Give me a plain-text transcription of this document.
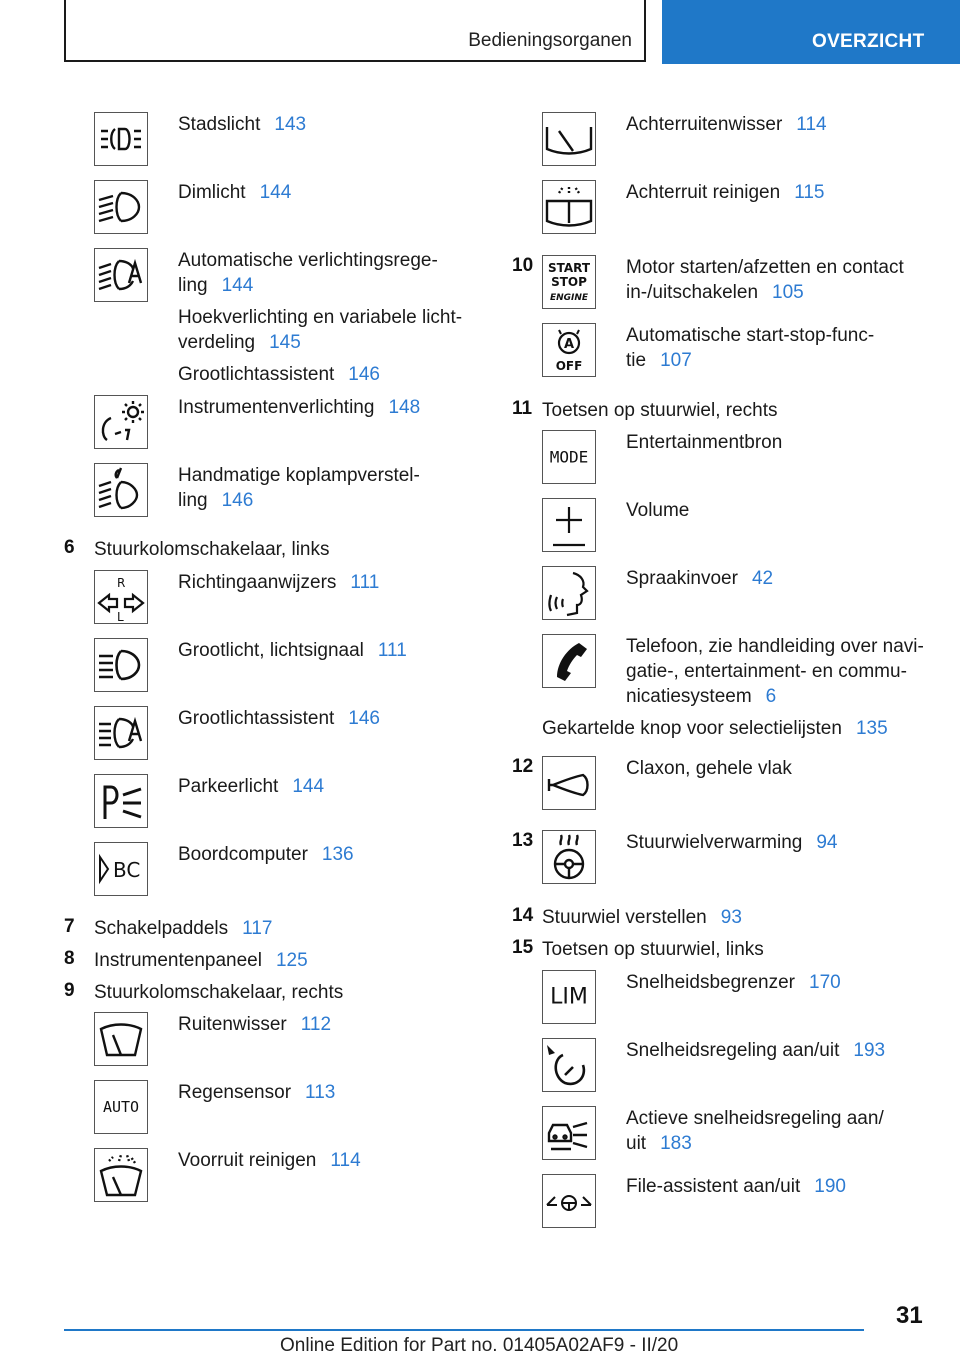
Bedieningsorganen	OVERZICHT
Stadslicht 143
Dimlicht 144
Automatische verlichtingsrege-
ling 144
Hoekverlichting en variabele licht-
verdeling 145
Grootlichtassistent 146
Instrumentenverlichting 148
Handmatige koplampverstel-
ling 146
6 Stuurkolomschakelaar, links
R
L
Richtingaanwijzers 111
Grootlicht, lichtsignaal 111
Grootlichtassistent 146
Parkeerlicht 144
BC
Boordcomputer 136
7 Schakelpaddels 117
8 Instrumentenpaneel 125
9 Stuurkolomschakelaar, rechts
Ruitenwisser 112
AUTO
Regensensor 113
Voorruit reinigen 114
Achterruitenwisser 114
Achterruit reinigen 115
10 START
STOP
ENGINE
Motor starten/afzetten en contact
in-/uitschakelen 105
A
OFF
Automatische start-stop-func-
tie 107
11 Toetsen op stuurwiel, rechts
MODE
Entertainmentbron
Volume
Spraakinvoer 42
Telefoon, zie handleiding over navi-
gatie-, entertainment- en commu-
nicatiesysteem 6
Gekartelde knop voor selectielijsten 135
12	Claxon, gehele vlak
13	Stuurwielverwarming 94
14 Stuurwiel verstellen 93
15 Toetsen op stuurwiel, links
LIM
Snelheidsbegrenzer 170
Snelheidsregeling aan/uit 193
Actieve snelheidsregeling aan/
uit 183
File-assistent aan/uit 190
31
Online Edition for Part no. 01405A02AF9 - II/20
